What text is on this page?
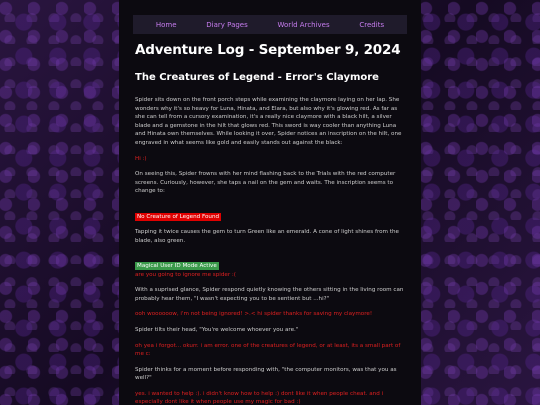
Home	Diary Pages	World Archives	Credits
Adventure Log - September 9, 2024
The Creatures of Legend - Error's Claymore

Spider sits down on the front porch steps while examining the claymore laying on her lap. She wonders why it's so heavy for Luna, Hinata, and Elara, but also why it's glowing red. As far as she can tell from a cursory examination, it's a really nice claymore with a black hilt, a silver blade and a gemstone in the hilt that glows red. This sword is way cooler than anything Luna and Hinata own themselves. While looking it over, Spider notices an inscription on the hilt, one engraved in what seems like gold and easily stands out against the black:

Hi :)

On seeing this, Spider frowns with her mind flashing back to the Trials with the red computer screens. Curiously, however, she taps a nail on the gem and waits. The inscription seems to change to:

No Creature of Legend Found

Tapping it twice causes the gem to turn Green like an emerald. A cone of light shines from the blade, also green.

Magical User ID Mode Active
are you going to ignore me spider :(

With a suprised glance, Spider respond quietly knowing the others sitting in the living room can probably hear them, "I wasn't expecting you to be sentient but ...hi?"

ooh woooooow, i'm not being ignored! >.< hi spider thanks for saving my claymore!

Spider tilts their head, "You're welcome whoever you are."

oh yea i forgot... okurr. i am error. one of the creatures of legend, or at least, its a small part of me c:

Spider thinks for a moment before responding with, "the computer monitors, was that you as well?"

yes. i wanted to help :). i didn't know how to help :) dont like it when people cheat. and i especially dont like it when people use my magic for bad :)
